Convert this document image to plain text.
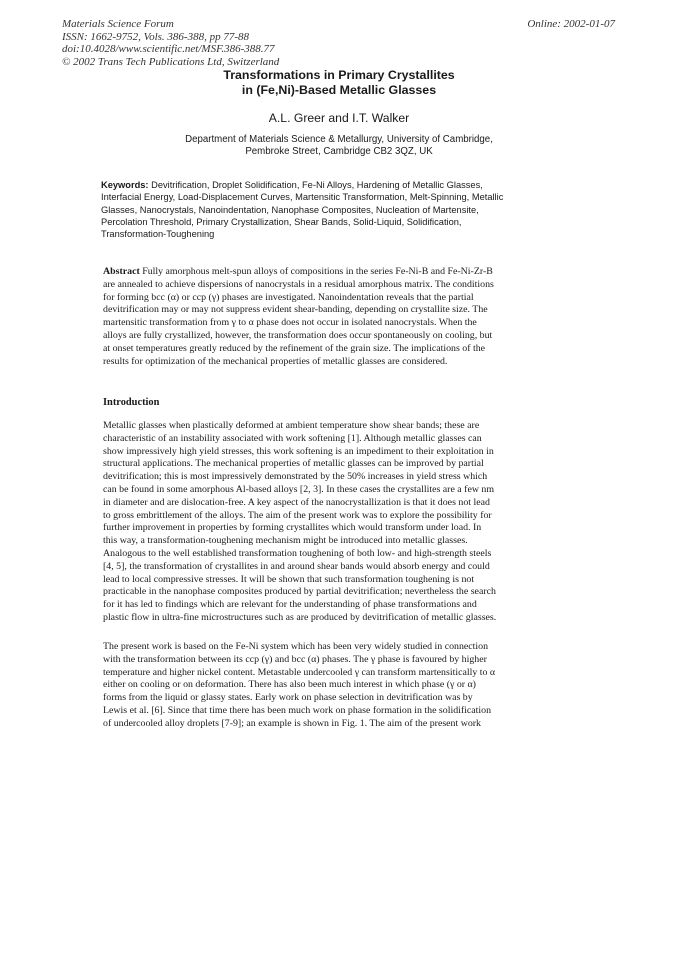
Materials Science Forum
ISSN: 1662-9752, Vols. 386-388, pp 77-88
doi:10.4028/www.scientific.net/MSF.386-388.77
© 2002 Trans Tech Publications Ltd, Switzerland
Online: 2002-01-07
Transformations in Primary Crystallites
in (Fe,Ni)-Based Metallic Glasses
A.L. Greer and I.T. Walker
Department of Materials Science & Metallurgy, University of Cambridge,
Pembroke Street, Cambridge CB2 3QZ, UK
Keywords: Devitrification, Droplet Solidification, Fe-Ni Alloys, Hardening of Metallic Glasses,
Interfacial Energy, Load-Displacement Curves, Martensitic Transformation, Melt-Spinning, Metallic
Glasses, Nanocrystals, Nanoindentation, Nanophase Composites, Nucleation of Martensite,
Percolation Threshold, Primary Crystallization, Shear Bands, Solid-Liquid, Solidification,
Transformation-Toughening
Abstract Fully amorphous melt-spun alloys of compositions in the series Fe-Ni-B and Fe-Ni-Zr-B
are annealed to achieve dispersions of nanocrystals in a residual amorphous matrix. The conditions
for forming bcc (α) or ccp (γ) phases are investigated. Nanoindentation reveals that the partial
devitrification may or may not suppress evident shear-banding, depending on crystallite size. The
martensitic transformation from γ to α phase does not occur in isolated nanocrystals. When the
alloys are fully crystallized, however, the transformation does occur spontaneously on cooling, but
at onset temperatures greatly reduced by the refinement of the grain size. The implications of the
results for optimization of the mechanical properties of metallic glasses are considered.
Introduction
Metallic glasses when plastically deformed at ambient temperature show shear bands; these are
characteristic of an instability associated with work softening [1]. Although metallic glasses can
show impressively high yield stresses, this work softening is an impediment to their exploitation in
structural applications. The mechanical properties of metallic glasses can be improved by partial
devitrification; this is most impressively demonstrated by the 50% increases in yield stress which
can be found in some amorphous Al-based alloys [2, 3]. In these cases the crystallites are a few nm
in diameter and are dislocation-free. A key aspect of the nanocrystallization is that it does not lead
to gross embrittlement of the alloys. The aim of the present work was to explore the possibility for
further improvement in properties by forming crystallites which would transform under load. In
this way, a transformation-toughening mechanism might be introduced into metallic glasses.
Analogous to the well established transformation toughening of both low- and high-strength steels
[4, 5], the transformation of crystallites in and around shear bands would absorb energy and could
lead to local compressive stresses. It will be shown that such transformation toughening is not
practicable in the nanophase composites produced by partial devitrification; nevertheless the search
for it has led to findings which are relevant for the understanding of phase transformations and
plastic flow in ultra-fine microstructures such as are produced by devitrification of metallic glasses.
The present work is based on the Fe-Ni system which has been very widely studied in connection
with the transformation between its ccp (γ) and bcc (α) phases. The γ phase is favoured by higher
temperature and higher nickel content. Metastable undercooled γ can transform martensitically to α
either on cooling or on deformation. There has also been much interest in which phase (γ or α)
forms from the liquid or glassy states. Early work on phase selection in devitrification was by
Lewis et al. [6]. Since that time there has been much work on phase formation in the solidification
of undercooled alloy droplets [7-9]; an example is shown in Fig. 1. The aim of the present work
